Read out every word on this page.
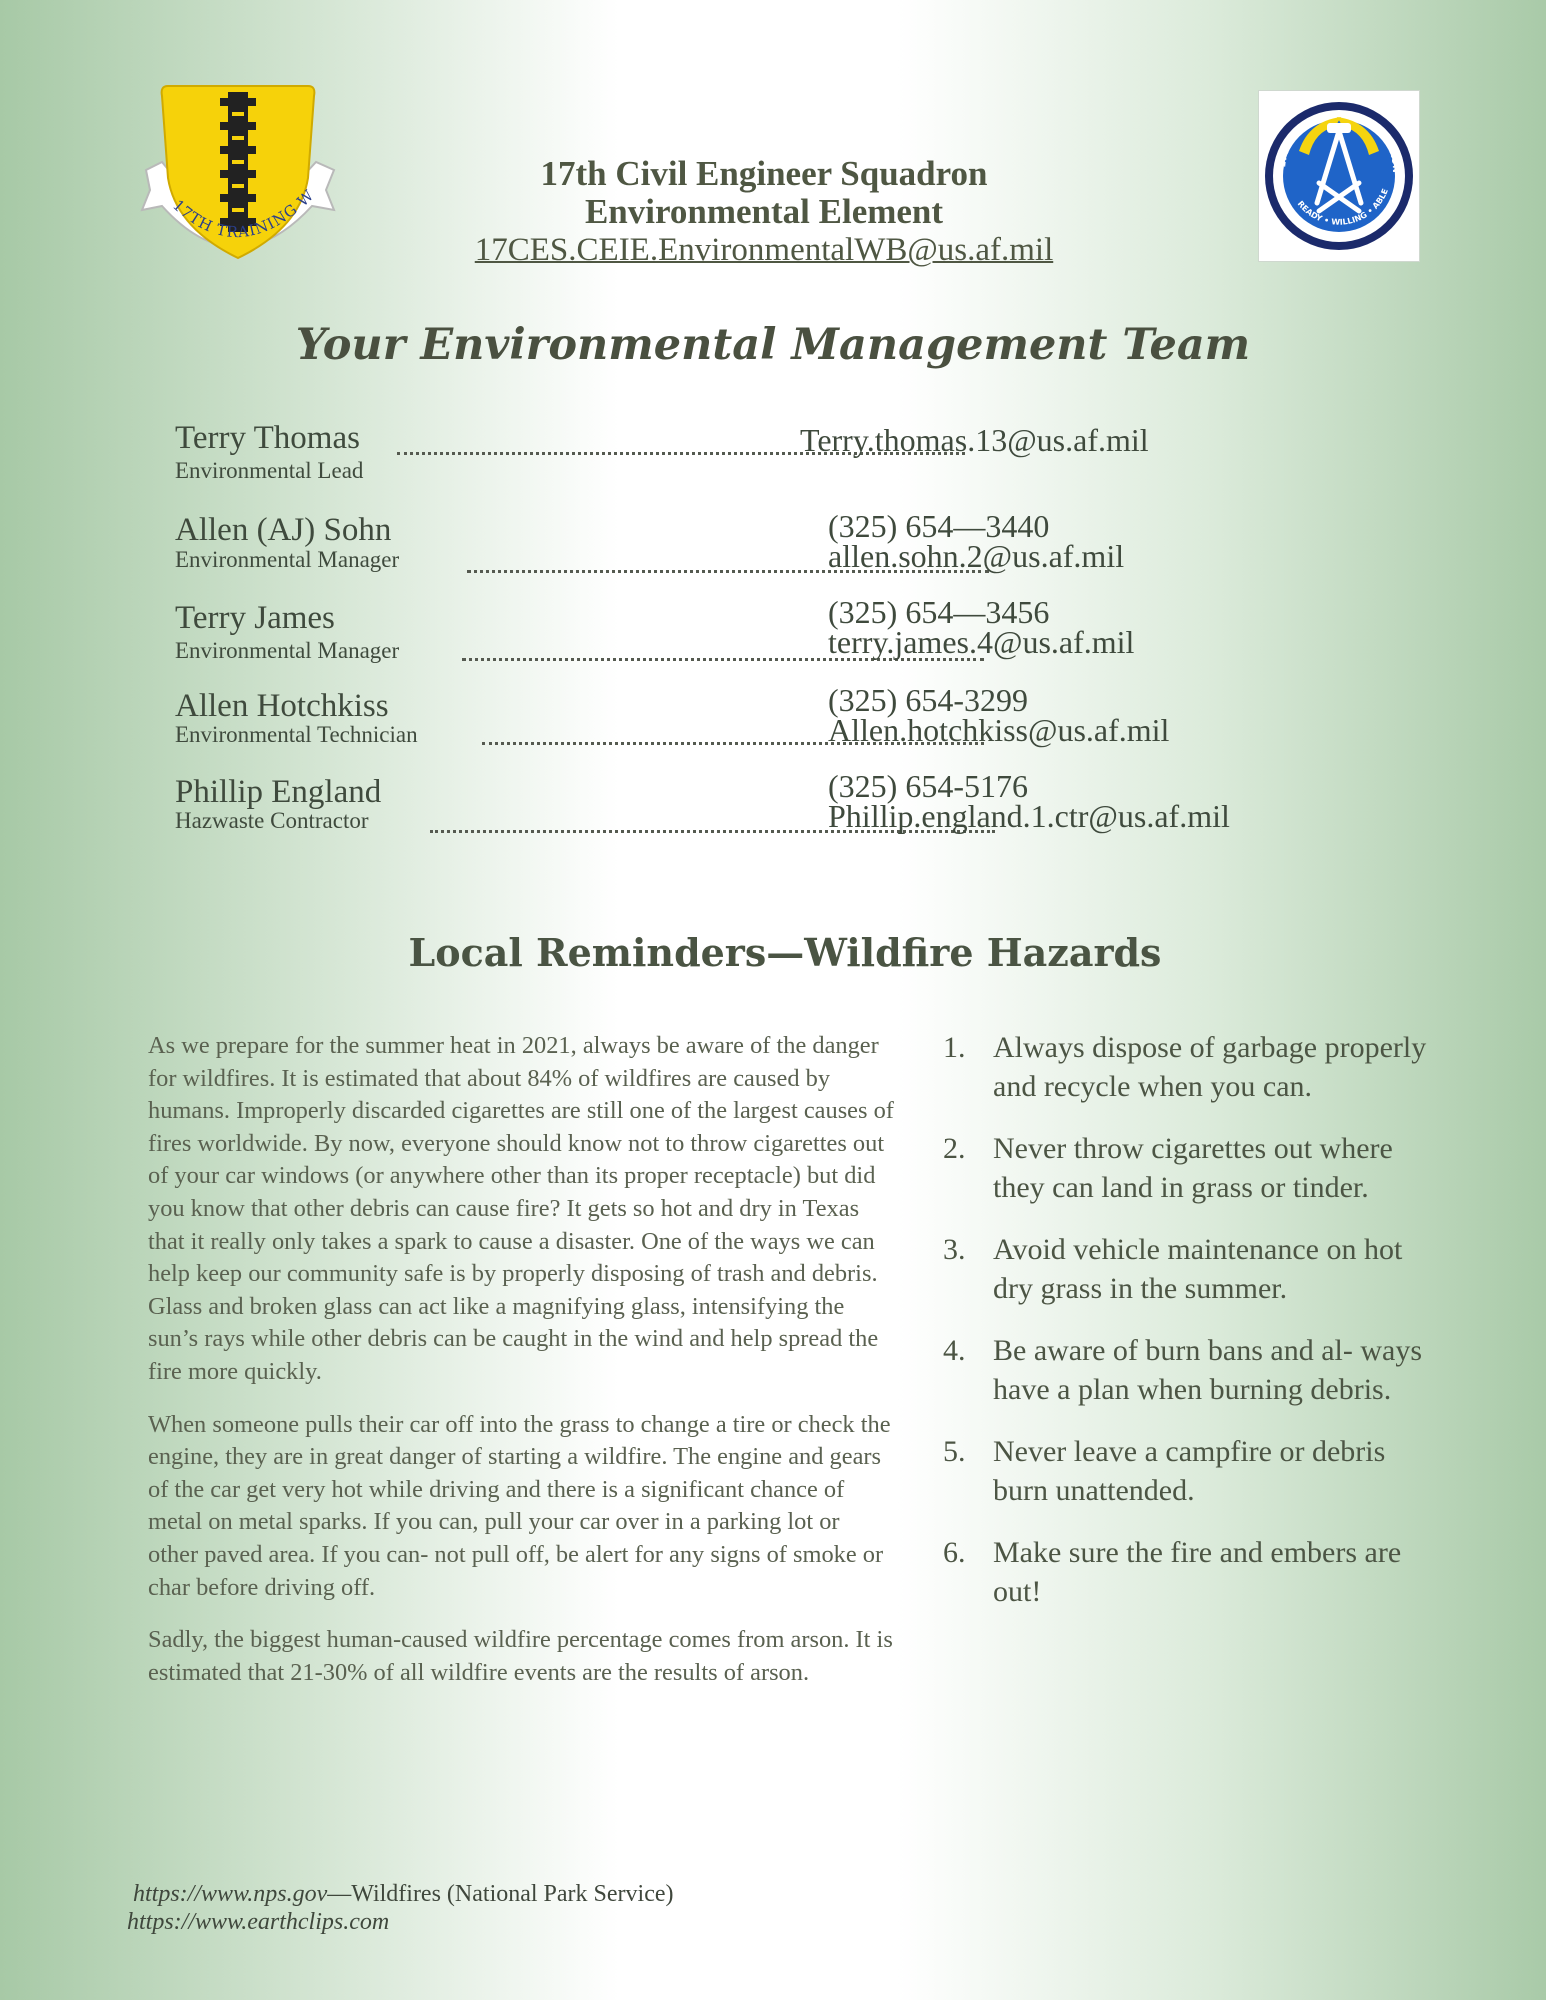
17TH TRAINING W
17th Civil Engineer Squadron
Environmental Element
17CES.CEIE.EnvironmentalWB@us.af.mil
17th CIVIL ENGINEER SQUADRON
READY • WILLING • ABLE
Your Environmental Management Team
Terry Thomas
Environmental Lead
Terry.thomas.13@us.af.mil
Allen (AJ) Sohn
Environmental Manager
(325) 654—3440
allen.sohn.2@us.af.mil
Terry James
Environmental Manager
(325) 654—3456
terry.james.4@us.af.mil
Allen Hotchkiss
Environmental Technician
(325) 654-3299
Allen.hotchkiss@us.af.mil
Phillip England
Hazwaste Contractor
(325) 654-5176
Phillip.england.1.ctr@us.af.mil
Local Reminders—Wildfire Hazards

As we prepare for the summer heat in 2021, always be aware of the danger for wildfires. It is estimated that about 84% of wildfires are caused by humans. Improperly discarded cigarettes are still one of the largest causes of fires worldwide. By now, everyone should know not to throw cigarettes out of your car windows (or anywhere other than its proper receptacle) but did you know that other debris can cause fire? It gets so hot and dry in Texas that it really only takes a spark to cause a disaster. One of the ways we can help keep our community safe is by properly disposing of trash and debris. Glass and broken glass can act like a magnifying glass, intensifying the sun’s rays while other debris can be caught in the wind and help spread the fire more quickly.

When someone pulls their car off into the grass to change a tire or check the engine, they are in great danger of starting a wildfire. The engine and gears of the car get very hot while driving and there is a significant chance of metal on metal sparks. If you can, pull your car over in a parking lot or other paved area. If you can- not pull off, be alert for any signs of smoke or char before driving off.

Sadly, the biggest human-caused wildfire percentage comes from arson. It is estimated that 21-30% of all wildfire events are the results of arson.

1. Always dispose of garbage properly and recycle when you can.
2. Never throw cigarettes out where they can land in grass or tinder.
3. Avoid vehicle maintenance on hot dry grass in the summer.
4. Be aware of burn bans and al- ways have a plan when burning debris.
5. Never leave a campfire or debris burn unattended.
6. Make sure the fire and embers are out!
https://www.nps.gov—Wildfires (National Park Service)
https://www.earthclips.com
